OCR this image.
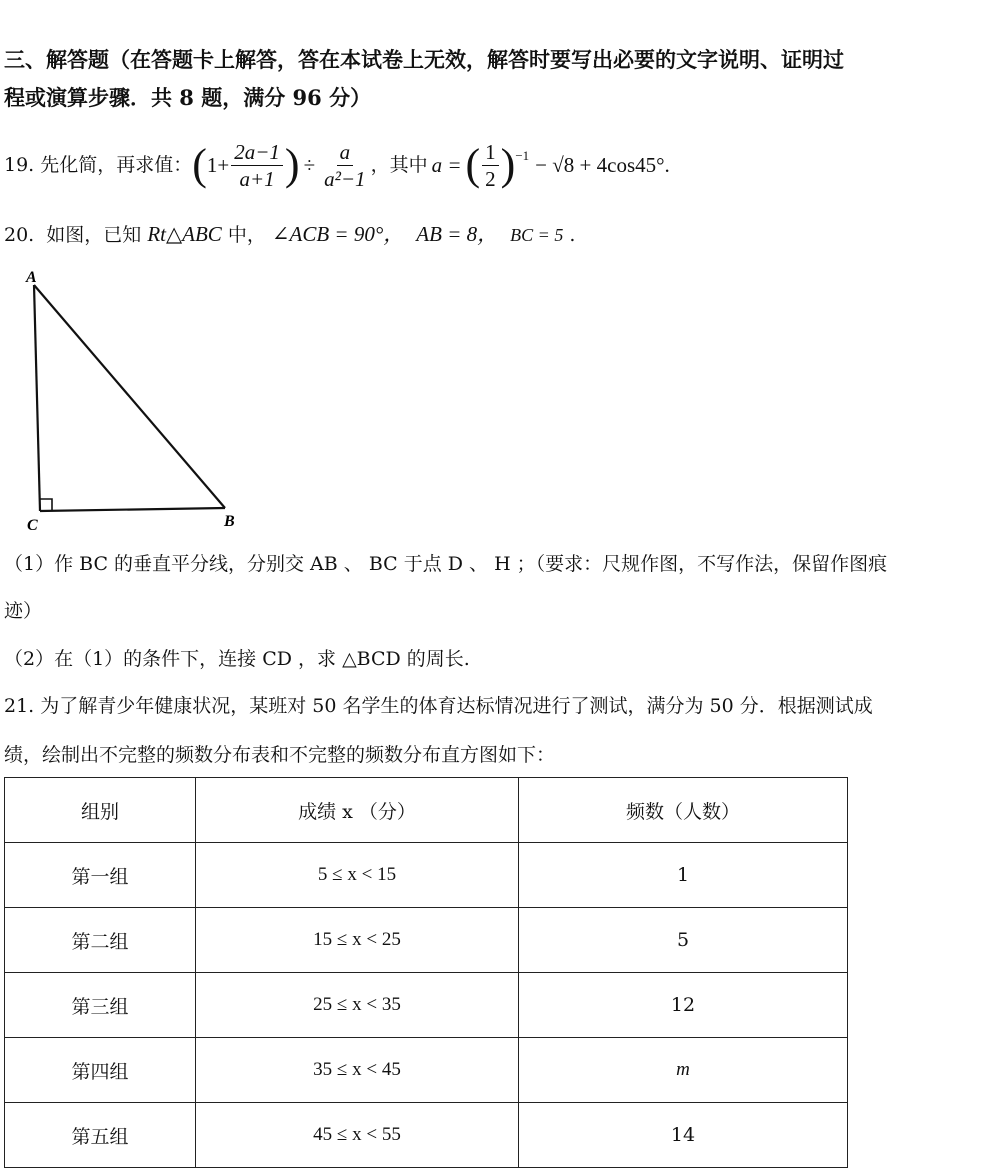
三、解答题（在答题卡上解答，答在本试卷上无效，解答时要写出必要的文字说明、证明过
程或演算步骤．共 8 题，满分 96 分）
19. 先化简，再求值： ( $1+ \frac{2a-1}{a+1}$ ) ÷ $\frac{a}{\text{a²−1}}$ ，其中 a = ( $\frac{1}{2}$ ) −1 − √8 + 4cos45°.
20. 如图，已知 Rt△ABC 中， ∠ACB = 90°， AB = 8， BC = 5 .
A
C	B
（1）作 BC 的垂直平分线，分别交 AB 、 BC 于点 D 、 H ；（要求：尺规作图，不写作法，保留作图痕
迹）
（2）在（1）的条件下，连接 CD ，求 △BCD 的周长.
21. 为了解青少年健康状况，某班对 50 名学生的体育达标情况进行了测试，满分为 50 分．根据测试成
绩，绘制出不完整的频数分布表和不完整的频数分布直方图如下：
组别	成绩 x （分）	频数（人数）
第一组	5 ≤ x < 15	1
第二组	15 ≤ x < 25	5
第三组	25 ≤ x < 35	12
第四组	35 ≤ x < 45	m
第五组	45 ≤ x < 55	14
